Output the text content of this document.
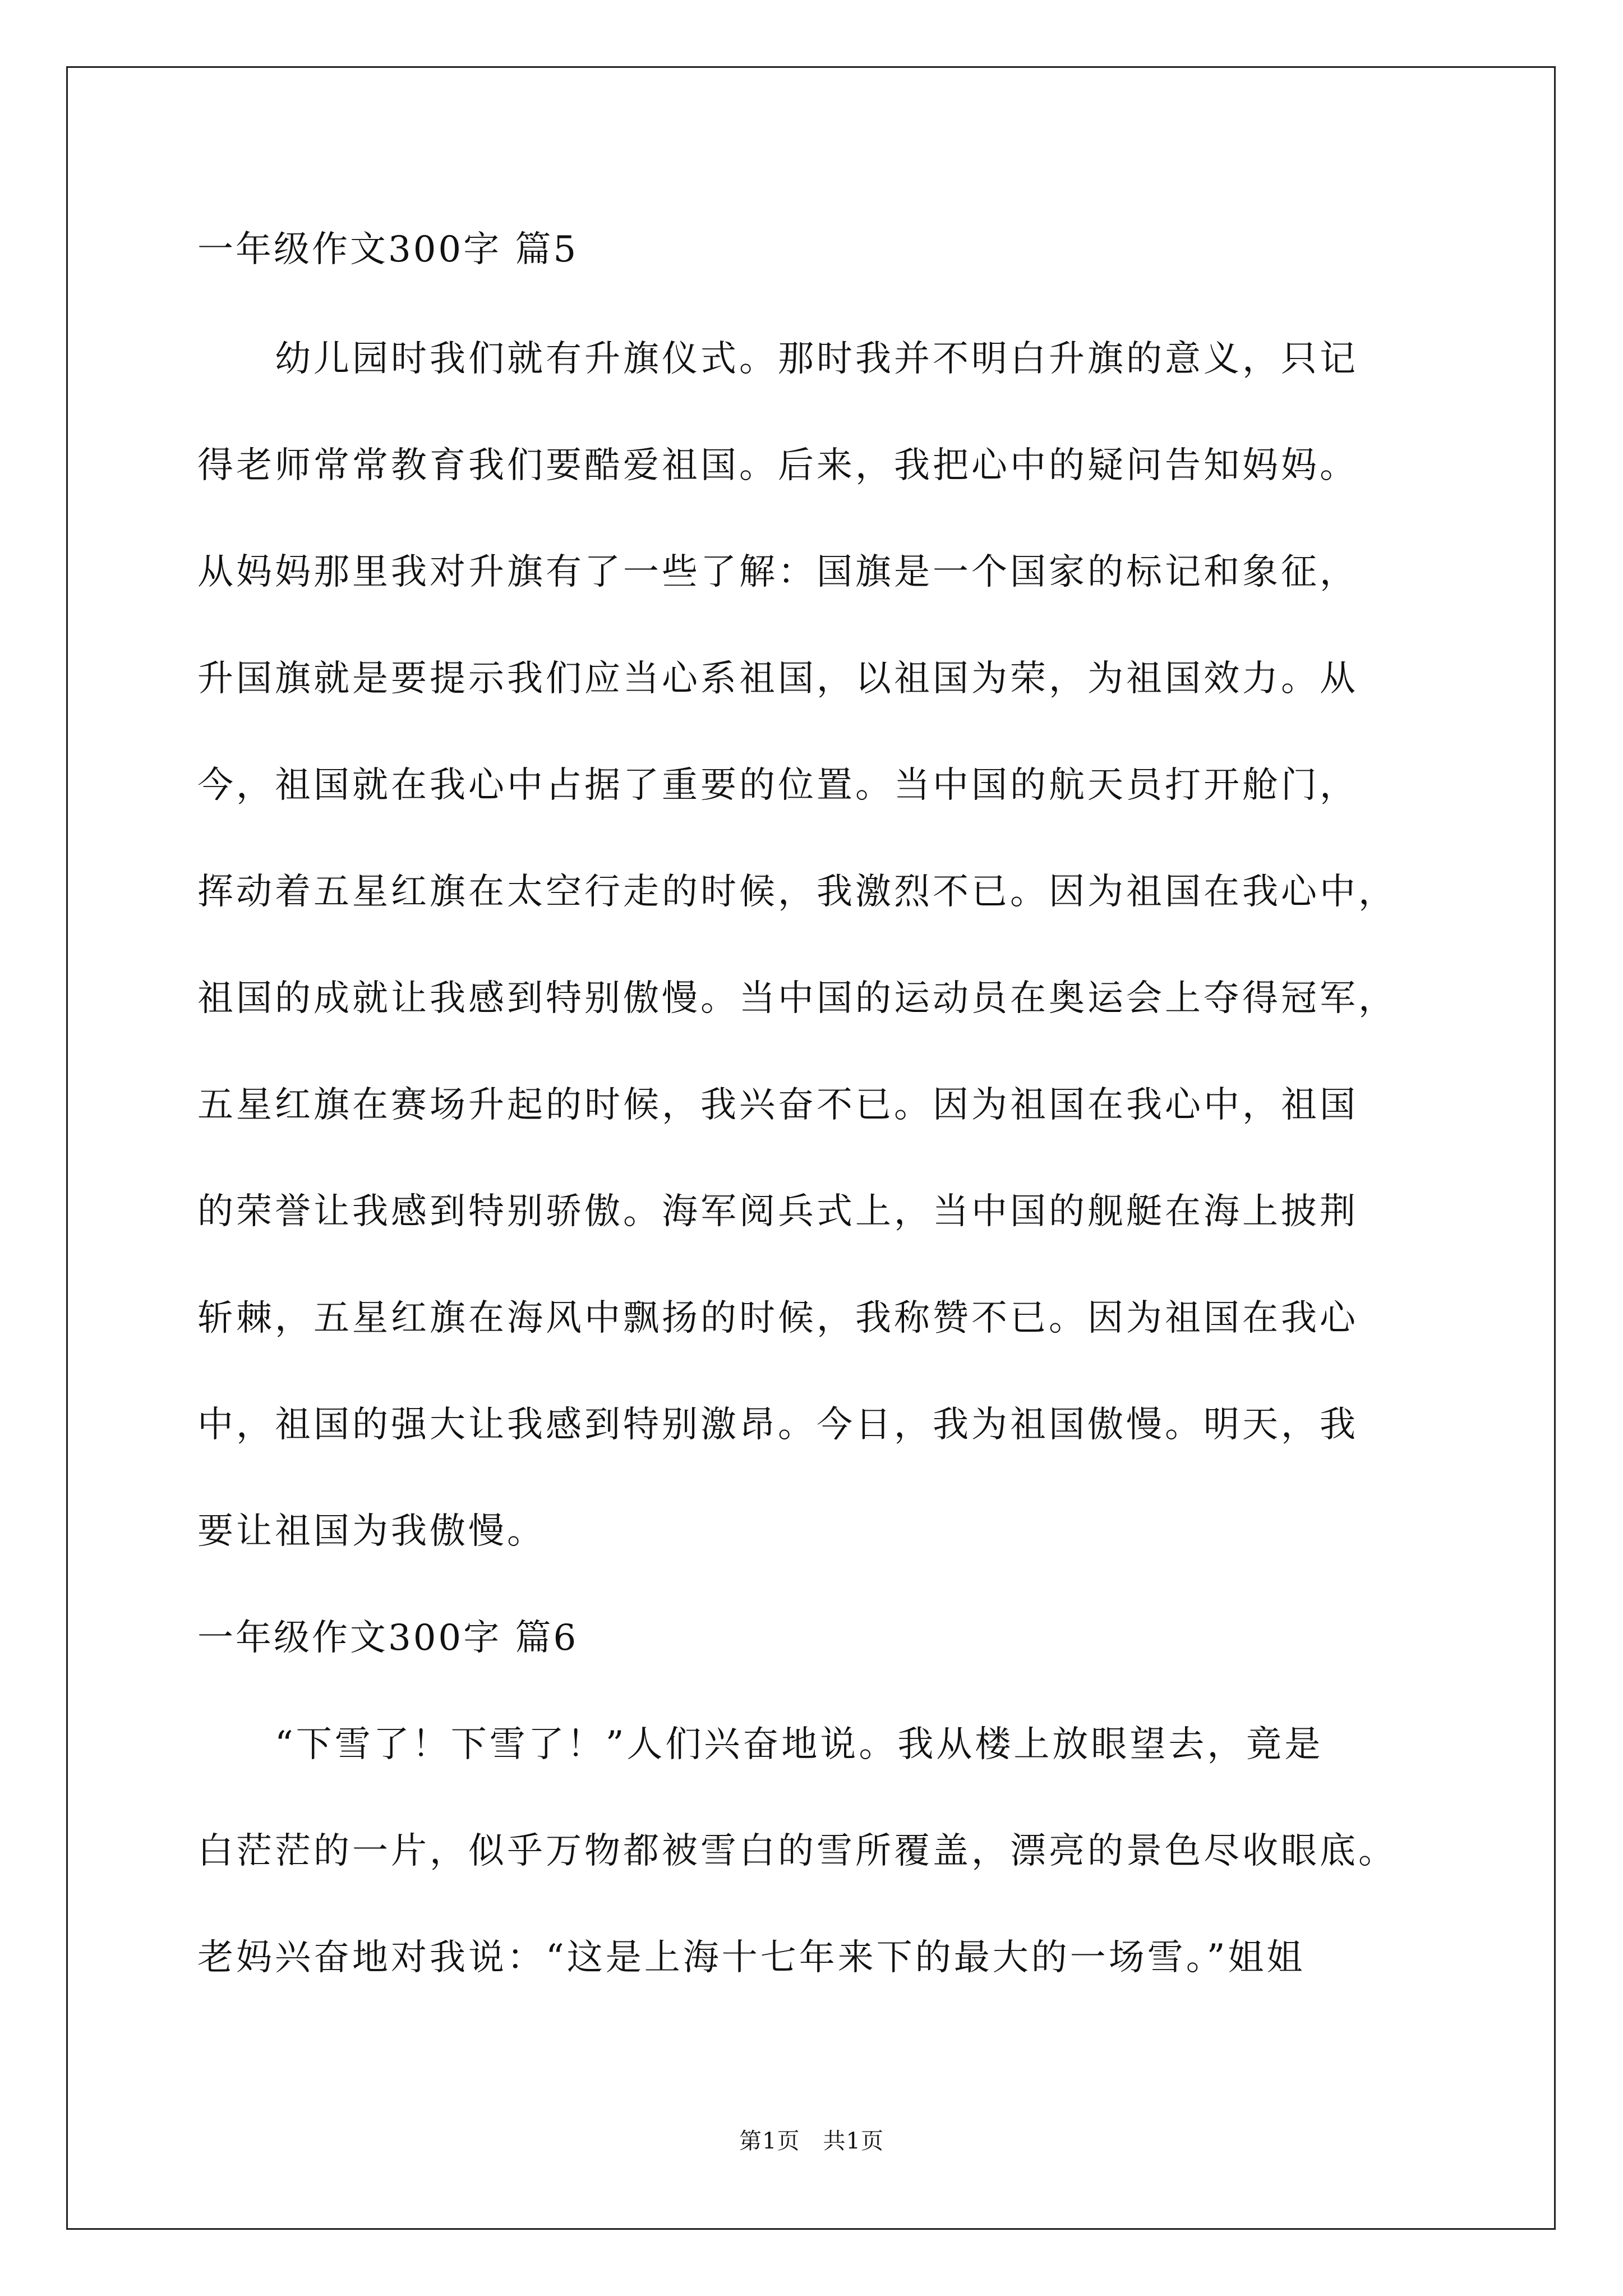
一年级作文300字 篇5
　　幼儿园时我们就有升旗仪式。那时我并不明白升旗的意义，只记
得老师常常教育我们要酷爱祖国。后来，我把心中的疑问告知妈妈。
从妈妈那里我对升旗有了一些了解：国旗是一个国家的标记和象征，
升国旗就是要提示我们应当心系祖国，以祖国为荣，为祖国效力。从
今，祖国就在我心中占据了重要的位置。当中国的航天员打开舱门，
挥动着五星红旗在太空行走的时候，我激烈不已。因为祖国在我心中，
祖国的成就让我感到特别傲慢。当中国的运动员在奥运会上夺得冠军，
五星红旗在赛场升起的时候，我兴奋不已。因为祖国在我心中，祖国
的荣誉让我感到特别骄傲。海军阅兵式上，当中国的舰艇在海上披荆
斩棘，五星红旗在海风中飘扬的时候，我称赞不已。因为祖国在我心
中，祖国的强大让我感到特别激昂。今日，我为祖国傲慢。明天，我
要让祖国为我傲慢。
一年级作文300字 篇6
　　“下雪了！下雪了！”人们兴奋地说。我从楼上放眼望去，竟是
白茫茫的一片，似乎万物都被雪白的雪所覆盖，漂亮的景色尽收眼底。
老妈兴奋地对我说：“这是上海十七年来下的最大的一场雪。”姐姐
第1页　共1页
